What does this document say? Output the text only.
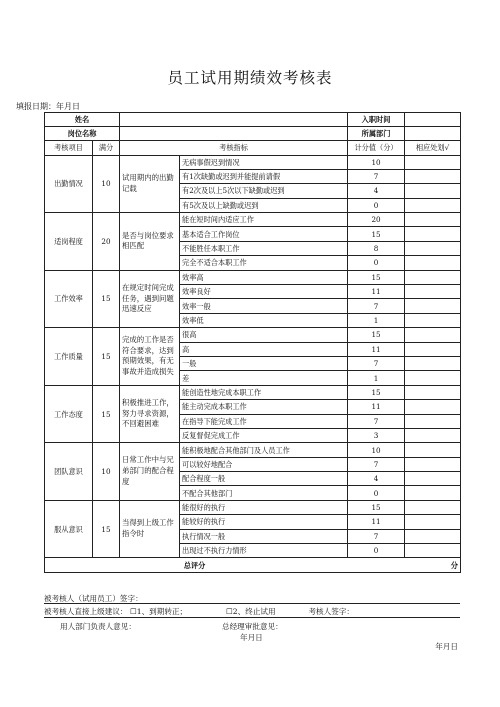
员工试用期绩效考核表
填报日期：年月日
姓名				入职时间	
岗位名称				所属部门	
考核项目	满分	考核指标		计分值（分）	相应处划√
出勤情况	10	试用期内的出勤记载	无病事假迟到情况	10	
			有1次缺勤或迟到并能提前请假	7	
			有2次及以上5次以下缺勤或迟到	4	
			有5次及以上缺勤或迟到	0	
适岗程度	20	是否与岗位要求相匹配	能在短时间内适应工作	20	
			基本适合工作岗位	15	
			不能胜任本职工作	8	
			完全不适合本职工作	0	
工作效率	15	在规定时间完成任务，遇到问题迅速反应	效率高	15	
			效率良好	11	
			效率一般	7	
			效率低	1	
工作质量	15	完成的工作是否符合要求，达到预期效果，有无事故并造成损失	很高	15	
			高	11	
			一般	7	
			差	1	
工作态度	15	积极推进工作，努力寻求资源，不回避困难	能创造性地完成本职工作	15	
			能主动完成本职工作	11	
			在指导下能完成工作	7	
			反复督促完成工作	3	
团队意识	10	日常工作中与兄弟部门的配合程度	能积极地配合其他部门及人员工作	10	
			可以较好地配合	7	
			配合程度一般	4	
			不配合其他部门	0	
服从意识	15	当得到上级工作指令时	能很好的执行	15	
			能较好的执行	11	
			执行情况一般	7	
			出现过不执行力情形	0	

总评分 分					
被考核人（试用员工）签字：
被考核人直接上级建议： ☐1、到期转正；	☐2、终止试用	考核人签字：
用人部门负责人意见：	总经理审批意见：
年月日
年月日
